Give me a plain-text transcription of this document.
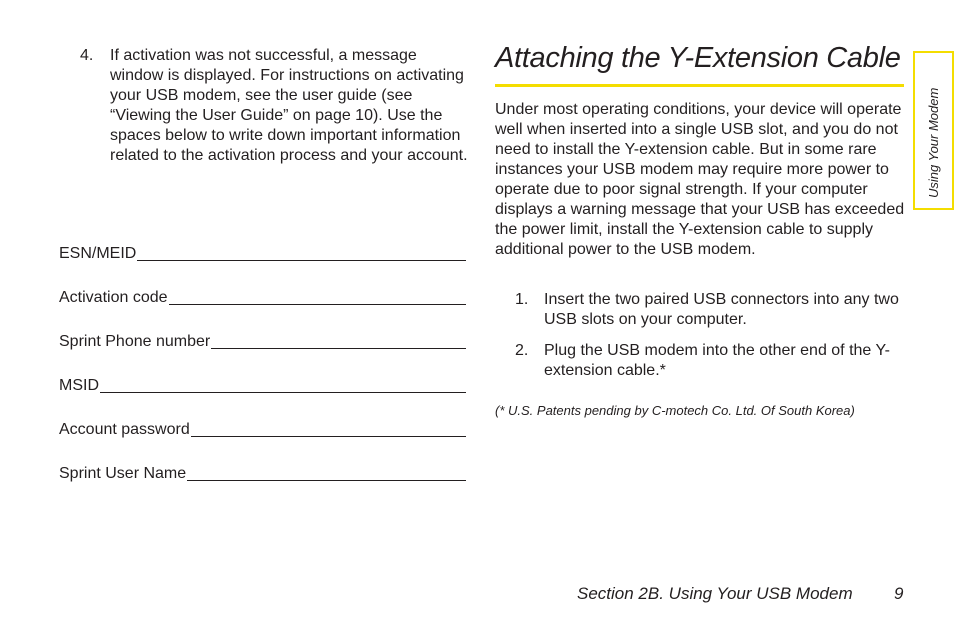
4. If activation was not successful, a message window is displayed. For instructions on activating your USB modem, see the user guide (see “Viewing the User Guide” on page 10). Use the spaces below to write down important information related to the activation process and your account.
ESN/MEID
Activation code
Sprint Phone number
MSID
Account password
Sprint User Name
Attaching the Y-Extension Cable
Under most operating conditions, your device will operate well when inserted into a single USB slot, and you do not need to install the Y-extension cable. But in some rare instances your USB modem may require more power to operate due to poor signal strength. If your computer displays a warning message that your USB has exceeded the power limit, install the Y-extension cable to supply additional power to the USB modem.
1. Insert the two paired USB connectors into any two USB slots on your computer.
2. Plug the USB modem into the other end of the Y-extension cable.*
(* U.S. Patents pending by C-motech Co. Ltd. Of South Korea)
Using Your Modem
Section 2B. Using Your USB Modem 9
